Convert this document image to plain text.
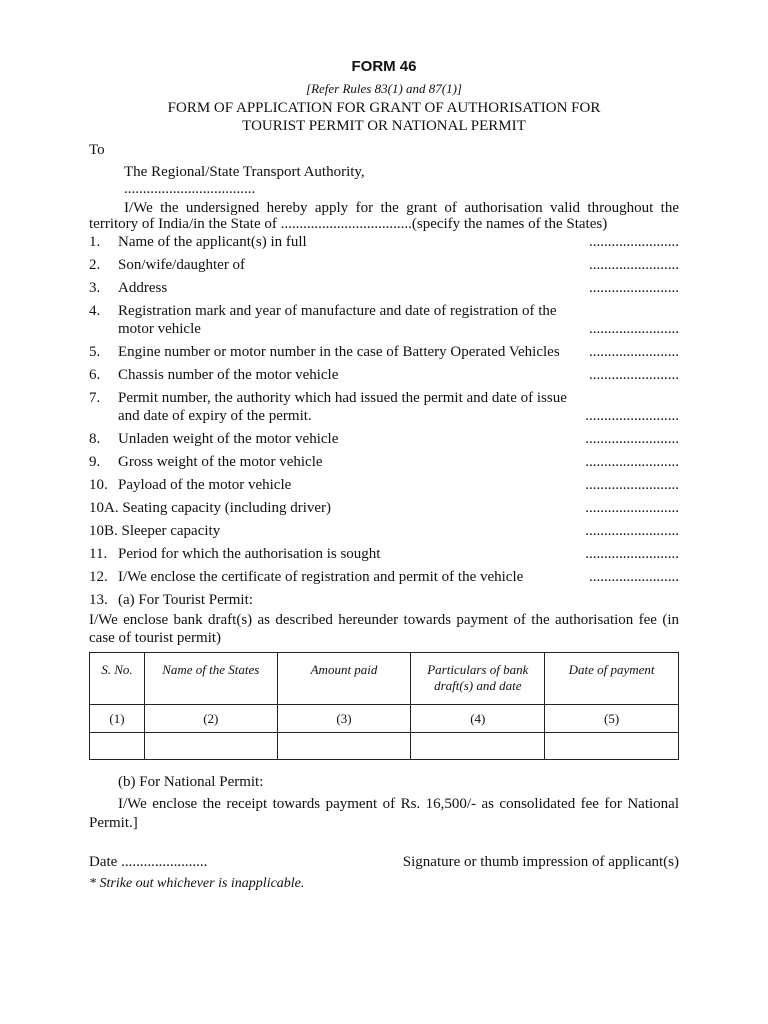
FORM 46
[Refer Rules 83(1) and 87(1)]
FORM OF APPLICATION FOR GRANT OF AUTHORISATION FOR
TOURIST PERMIT OR NATIONAL PERMIT
To
The Regional/State Transport Authority,
...................................
I/We the undersigned hereby apply for the grant of authorisation valid throughout the territory of India/in the State of ...................................(specify the names of the States)
1. Name of the applicant(s) in full	........................
2. Son/wife/daughter of	........................
3. Address	........................
4. Registration mark and year of manufacture and date of registration of the motor vehicle	........................
5. Engine number or motor number in the case of Battery Operated Vehicles ........................
6. Chassis number of the motor vehicle	........................
7. Permit number, the authority which had issued the permit and date of issue and date of expiry of the permit.	.........................
8. Unladen weight of the motor vehicle	.........................
9. Gross weight of the motor vehicle	.........................
10. Payload of the motor vehicle	.........................
10A. Seating capacity (including driver)	.........................
10B. Sleeper capacity	.........................
11. Period for which the authorisation is sought	.........................
12. I/We enclose the certificate of registration and permit of the vehicle	........................
13. (a) For Tourist Permit:
I/We enclose bank draft(s) as described hereunder towards payment of the authorisation fee (in case of tourist permit)
S. No.	Name of the States	Amount paid	Particulars of bank draft(s) and date	Date of payment
(1)	(2)	(3)	(4)	(5)

(b) For National Permit:
I/We enclose the receipt towards payment of Rs. 16,500/- as consolidated fee for National Permit.]
Date .......................	Signature or thumb impression of applicant(s)
* Strike out whichever is inapplicable.
